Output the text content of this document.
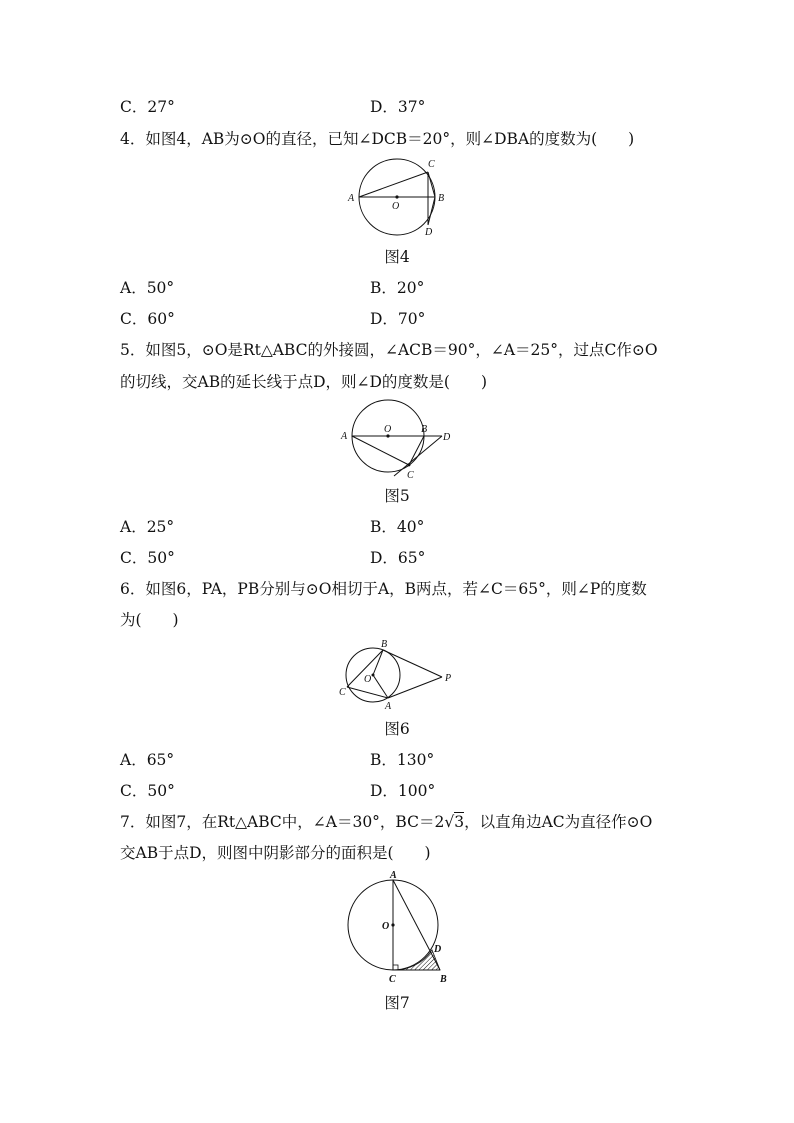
C．27°	D．37°
4．如图4，AB为⊙O的直径，已知∠DCB＝20°，则∠DBA的度数为(　　)
A
O
B
C
D
图4
A．50°	B．20°
C．60°	D．70°
5．如图5，⊙O是Rt△ABC的外接圆，∠ACB＝90°，∠A＝25°，过点C作⊙O
的切线，交AB的延长线于点D，则∠D的度数是(　　)
A
O	B
D
C
图5
A．25°	B．40°
C．50°	D．65°
6．如图6，PA，PB分别与⊙O相切于A，B两点，若∠C＝65°，则∠P的度数
为(　　)
B
O
C
A
P
图6
A．65°	B．130°
C．50°	D．100°
7．如图7，在Rt△ABC中，∠A＝30°，BC＝2√3，以直角边AC为直径作⊙O
交AB于点D，则图中阴影部分的面积是(　　)
A
O
D
C	B
图7
